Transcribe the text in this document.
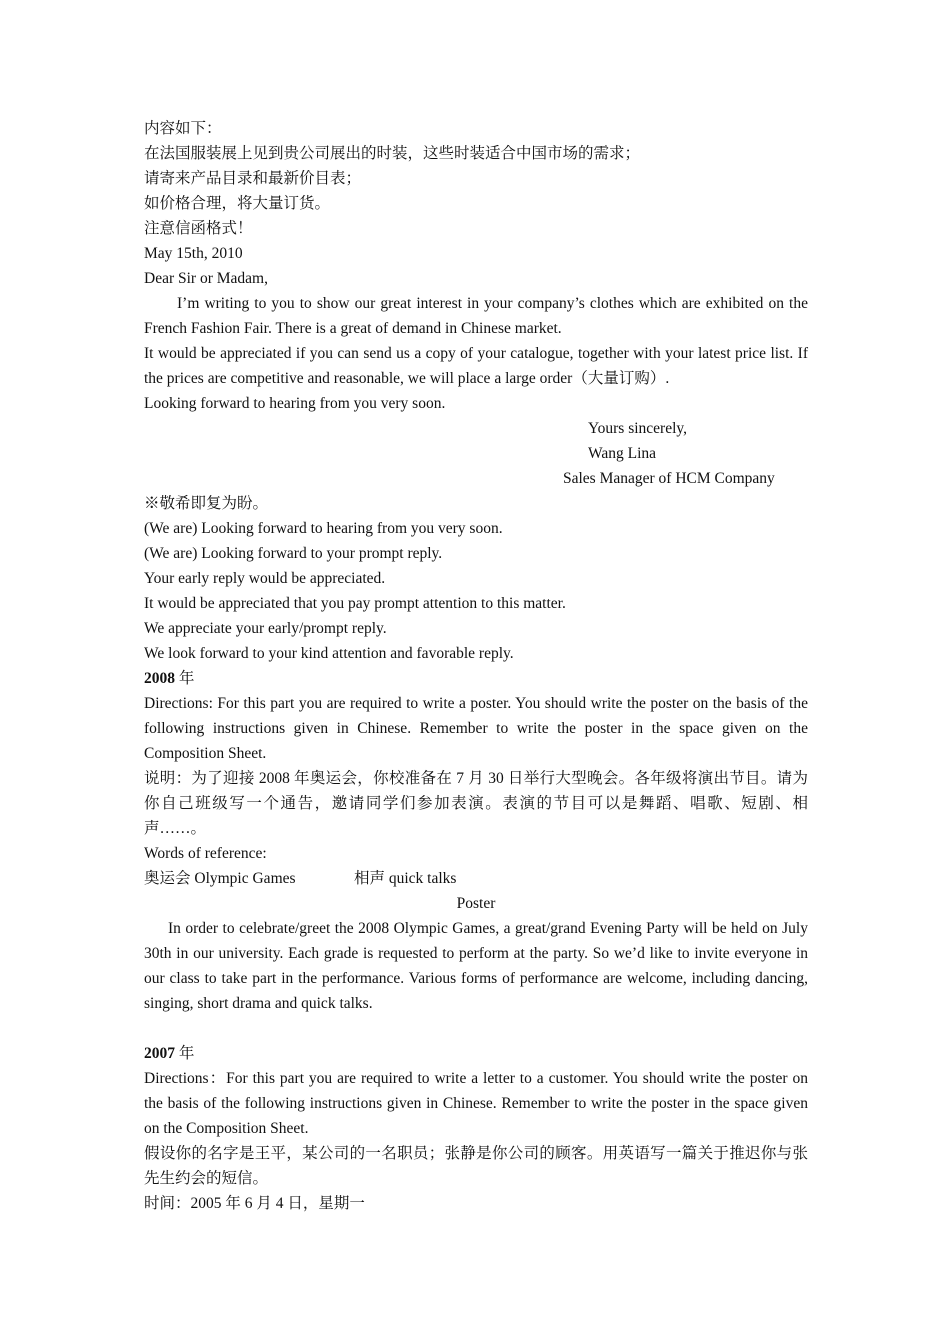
内容如下：
在法国服装展上见到贵公司展出的时装，这些时装适合中国市场的需求；
请寄来产品目录和最新价目表；
如价格合理，将大量订货。
注意信函格式！
May 15th, 2010
Dear Sir or Madam,
I’m writing to you to show our great interest in your company’s clothes which are exhibited on the French Fashion Fair. There is a great of demand in Chinese market.
It would be appreciated if you can send us a copy of your catalogue, together with your latest price list. If the prices are competitive and reasonable, we will place a large order（大量订购）.
Looking forward to hearing from you very soon.
Yours sincerely,
Wang Lina
Sales Manager of HCM Company
※敬希即复为盼。
(We are) Looking forward to hearing from you very soon.
(We are) Looking forward to your prompt reply.
Your early reply would be appreciated.
It would be appreciated that you pay prompt attention to this matter.
We appreciate your early/prompt reply.
We look forward to your kind attention and favorable reply.
2008 年
Directions: For this part you are required to write a poster. You should write the poster on the basis of the following instructions given in Chinese. Remember to write the poster in the space given on the Composition Sheet.
说明：为了迎接 2008 年奥运会，你校准备在 7 月 30 日举行大型晚会。各年级将演出节目。请为你自己班级写一个通告，邀请同学们参加表演。表演的节目可以是舞蹈、唱歌、短剧、相声……。
Words of reference:
奥运会 Olympic Games	相声 quick talks
Poster
In order to celebrate/greet the 2008 Olympic Games, a great/grand Evening Party will be held on July 30th in our university. Each grade is requested to perform at the party. So we’d like to invite everyone in our class to take part in the performance. Various forms of performance are welcome, including dancing, singing, short drama and quick talks.
2007 年
Directions：For this part you are required to write a letter to a customer. You should write the poster on the basis of the following instructions given in Chinese. Remember to write the poster in the space given on the Composition Sheet.
假设你的名字是王平，某公司的一名职员；张静是你公司的顾客。用英语写一篇关于推迟你与张先生约会的短信。
时间：2005 年 6 月 4 日，星期一
